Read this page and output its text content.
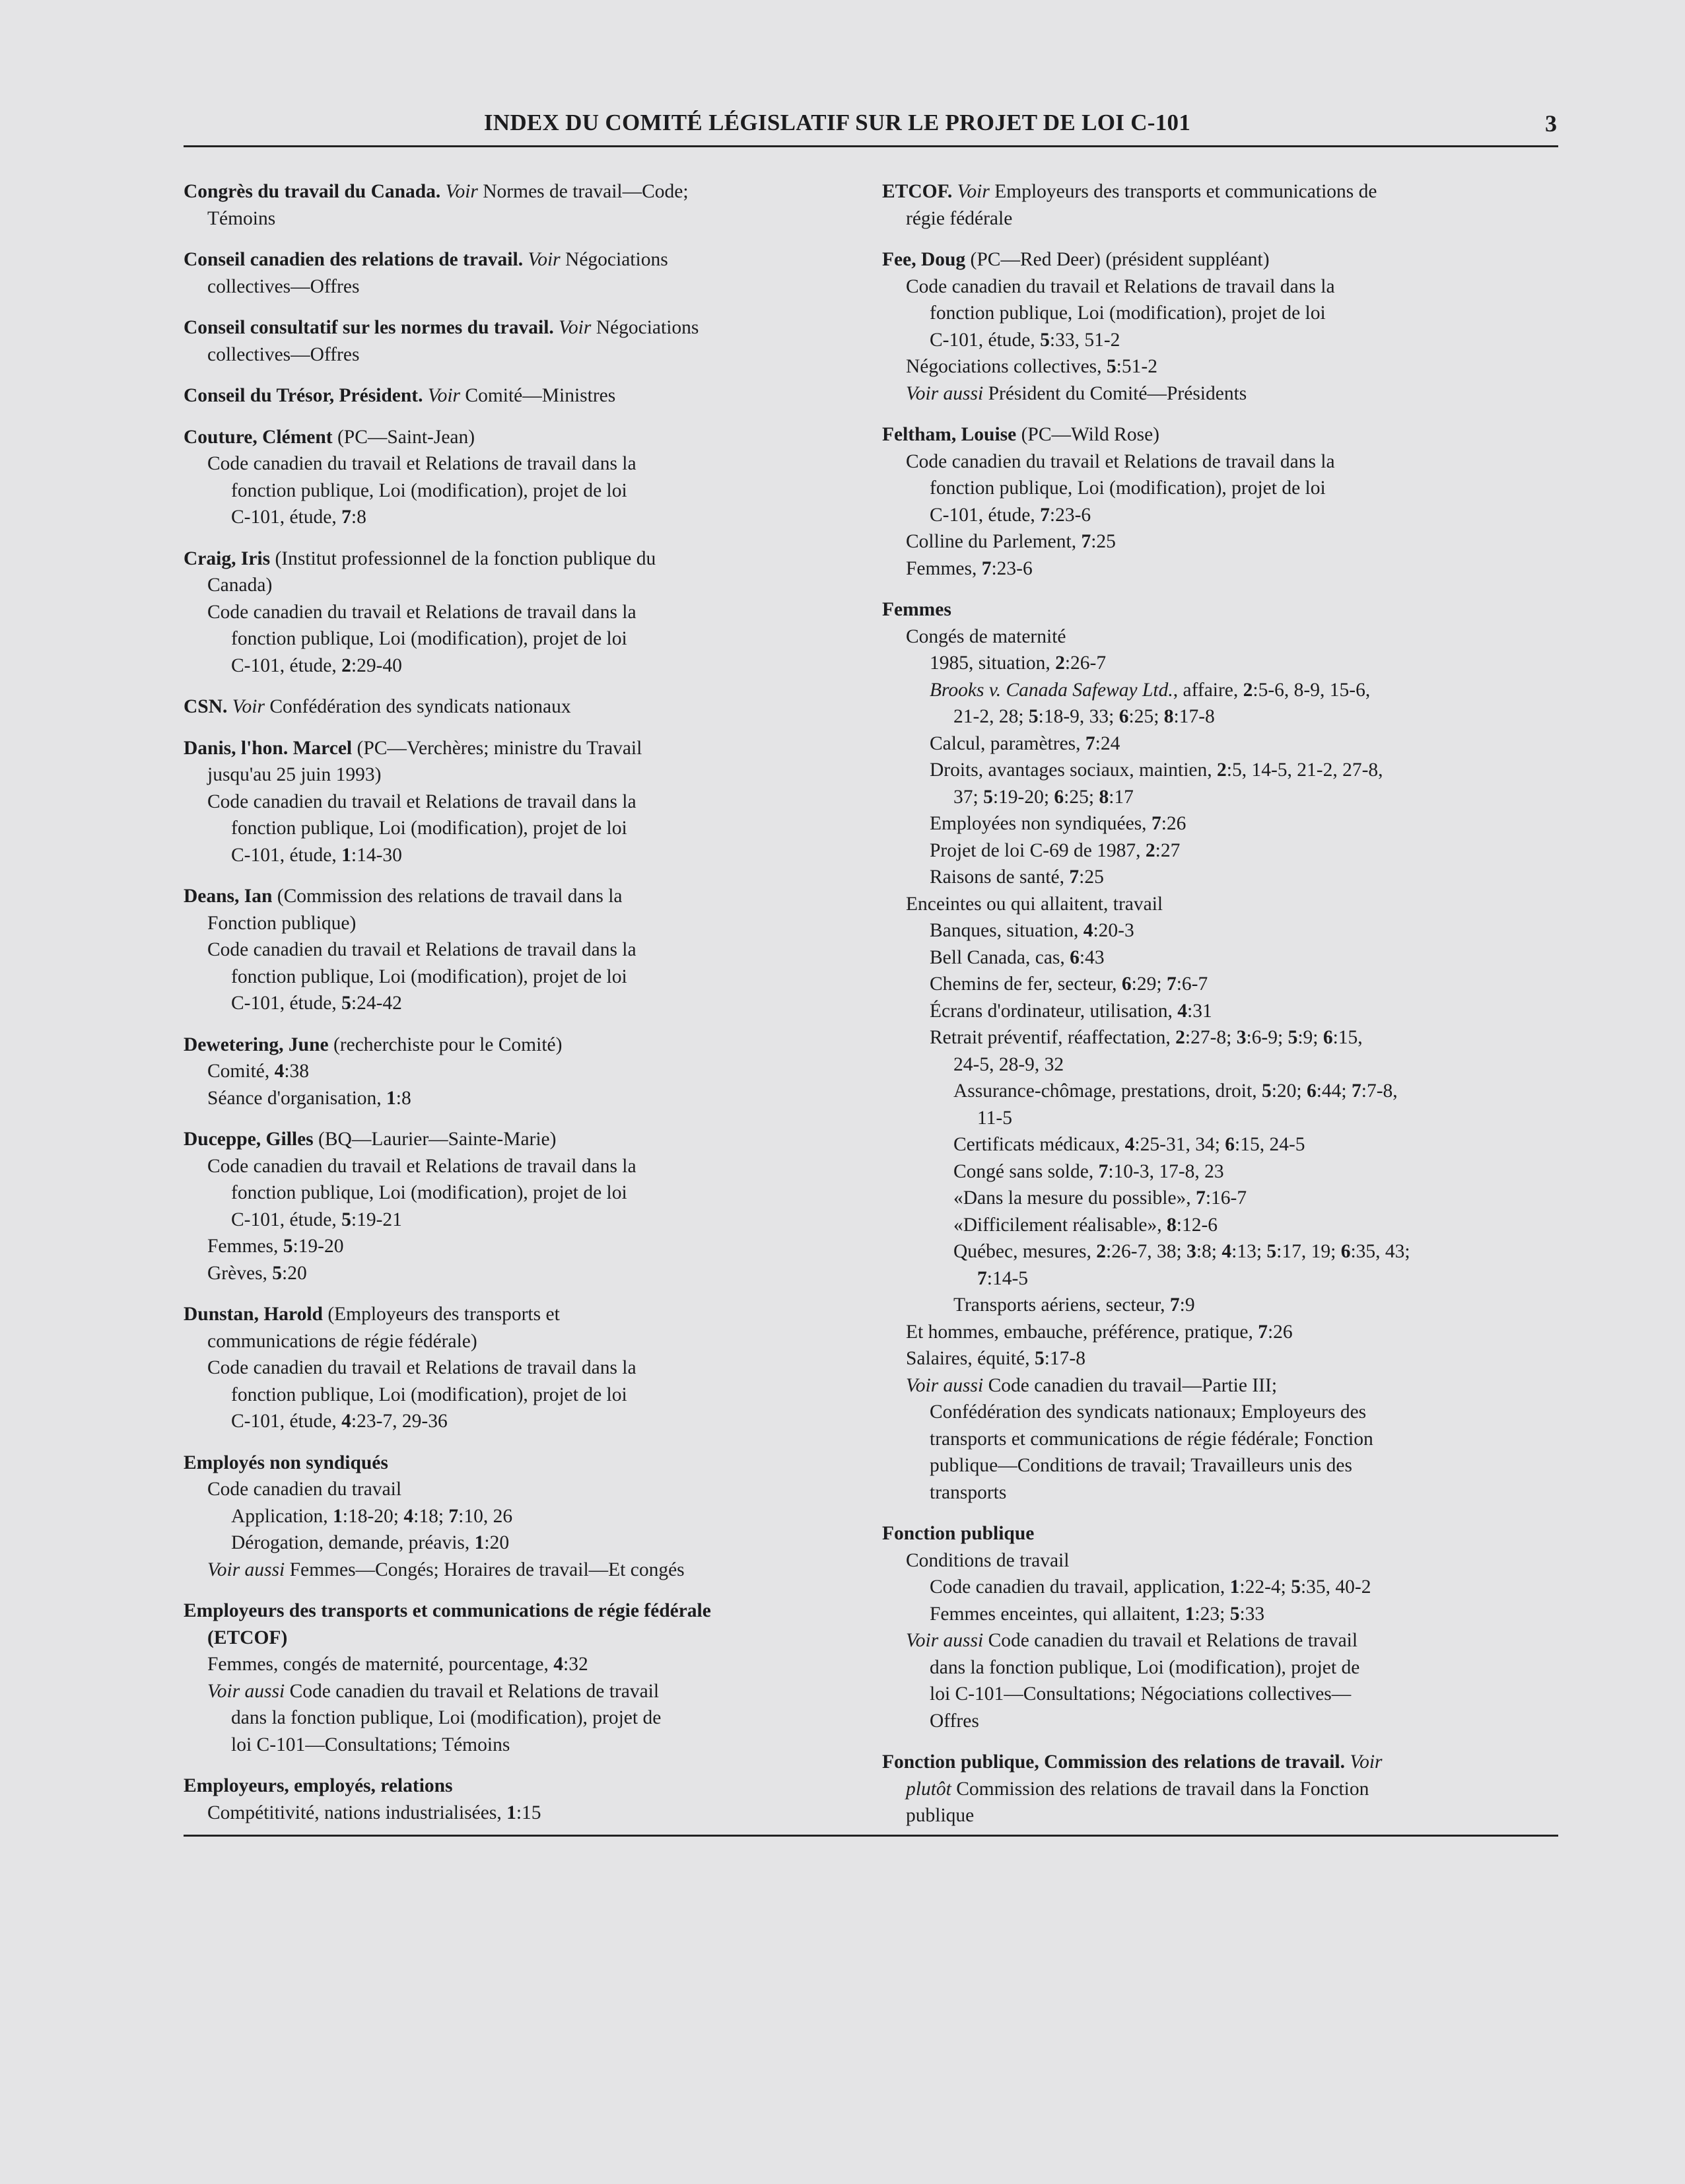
INDEX DU COMITÉ LÉGISLATIF SUR LE PROJET DE LOI C-101	3
Congrès du travail du Canada. Voir Normes de travail—Code;
Témoins
Conseil canadien des relations de travail. Voir Négociations
collectives—Offres
Conseil consultatif sur les normes du travail. Voir Négociations
collectives—Offres
Conseil du Trésor, Président. Voir Comité—Ministres
Couture, Clément (PC—Saint-Jean)
Code canadien du travail et Relations de travail dans la
fonction publique, Loi (modification), projet de loi
C-101, étude, 7:8
Craig, Iris (Institut professionnel de la fonction publique du
Canada)
Code canadien du travail et Relations de travail dans la
fonction publique, Loi (modification), projet de loi
C-101, étude, 2:29-40
CSN. Voir Confédération des syndicats nationaux
Danis, l'hon. Marcel (PC—Verchères; ministre du Travail
jusqu'au 25 juin 1993)
Code canadien du travail et Relations de travail dans la
fonction publique, Loi (modification), projet de loi
C-101, étude, 1:14-30
Deans, Ian (Commission des relations de travail dans la
Fonction publique)
Code canadien du travail et Relations de travail dans la
fonction publique, Loi (modification), projet de loi
C-101, étude, 5:24-42
Dewetering, June (recherchiste pour le Comité)
Comité, 4:38
Séance d'organisation, 1:8
Duceppe, Gilles (BQ—Laurier—Sainte-Marie)
Code canadien du travail et Relations de travail dans la
fonction publique, Loi (modification), projet de loi
C-101, étude, 5:19-21
Femmes, 5:19-20
Grèves, 5:20
Dunstan, Harold (Employeurs des transports et
communications de régie fédérale)
Code canadien du travail et Relations de travail dans la
fonction publique, Loi (modification), projet de loi
C-101, étude, 4:23-7, 29-36
Employés non syndiqués
Code canadien du travail
Application, 1:18-20; 4:18; 7:10, 26
Dérogation, demande, préavis, 1:20
Voir aussi Femmes—Congés; Horaires de travail—Et congés
Employeurs des transports et communications de régie fédérale
(ETCOF)
Femmes, congés de maternité, pourcentage, 4:32
Voir aussi Code canadien du travail et Relations de travail
dans la fonction publique, Loi (modification), projet de
loi C-101—Consultations; Témoins
Employeurs, employés, relations
Compétitivité, nations industrialisées, 1:15
ETCOF. Voir Employeurs des transports et communications de
régie fédérale
Fee, Doug (PC—Red Deer) (président suppléant)
Code canadien du travail et Relations de travail dans la
fonction publique, Loi (modification), projet de loi
C-101, étude, 5:33, 51-2
Négociations collectives, 5:51-2
Voir aussi Président du Comité—Présidents
Feltham, Louise (PC—Wild Rose)
Code canadien du travail et Relations de travail dans la
fonction publique, Loi (modification), projet de loi
C-101, étude, 7:23-6
Colline du Parlement, 7:25
Femmes, 7:23-6
Femmes
Congés de maternité
1985, situation, 2:26-7
Brooks v. Canada Safeway Ltd., affaire, 2:5-6, 8-9, 15-6,
21-2, 28; 5:18-9, 33; 6:25; 8:17-8
Calcul, paramètres, 7:24
Droits, avantages sociaux, maintien, 2:5, 14-5, 21-2, 27-8,
37; 5:19-20; 6:25; 8:17
Employées non syndiquées, 7:26
Projet de loi C-69 de 1987, 2:27
Raisons de santé, 7:25
Enceintes ou qui allaitent, travail
Banques, situation, 4:20-3
Bell Canada, cas, 6:43
Chemins de fer, secteur, 6:29; 7:6-7
Écrans d'ordinateur, utilisation, 4:31
Retrait préventif, réaffectation, 2:27-8; 3:6-9; 5:9; 6:15,
24-5, 28-9, 32
Assurance-chômage, prestations, droit, 5:20; 6:44; 7:7-8,
11-5
Certificats médicaux, 4:25-31, 34; 6:15, 24-5
Congé sans solde, 7:10-3, 17-8, 23
«Dans la mesure du possible», 7:16-7
«Difficilement réalisable», 8:12-6
Québec, mesures, 2:26-7, 38; 3:8; 4:13; 5:17, 19; 6:35, 43;
7:14-5
Transports aériens, secteur, 7:9
Et hommes, embauche, préférence, pratique, 7:26
Salaires, équité, 5:17-8
Voir aussi Code canadien du travail—Partie III;
Confédération des syndicats nationaux; Employeurs des
transports et communications de régie fédérale; Fonction
publique—Conditions de travail; Travailleurs unis des
transports
Fonction publique
Conditions de travail
Code canadien du travail, application, 1:22-4; 5:35, 40-2
Femmes enceintes, qui allaitent, 1:23; 5:33
Voir aussi Code canadien du travail et Relations de travail
dans la fonction publique, Loi (modification), projet de
loi C-101—Consultations; Négociations collectives—
Offres
Fonction publique, Commission des relations de travail. Voir
plutôt Commission des relations de travail dans la Fonction
publique
